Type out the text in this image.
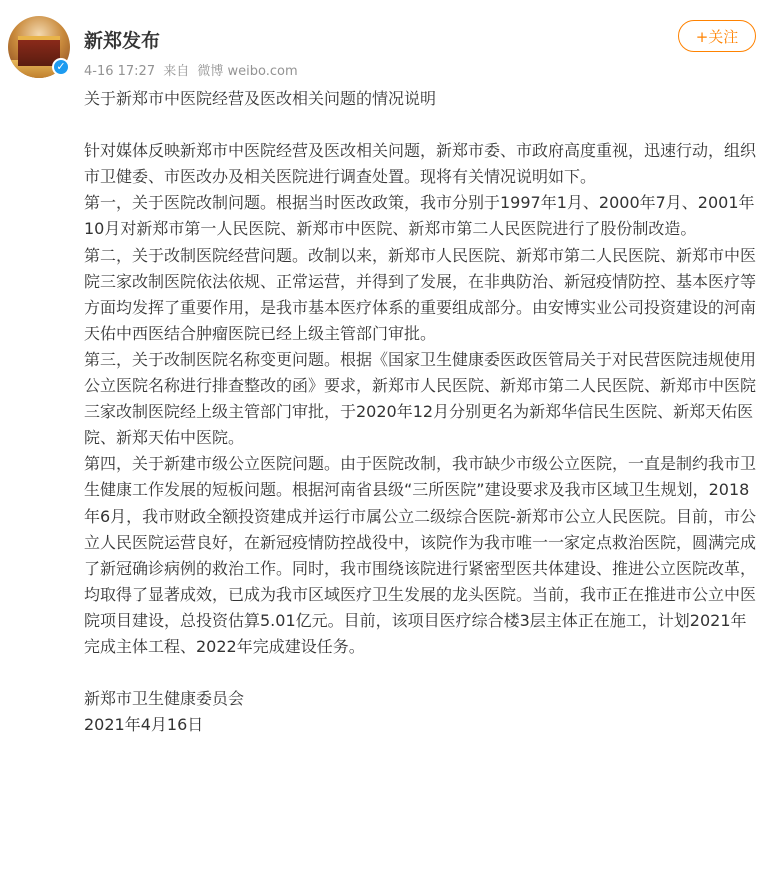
✓
新郑发布
4-16 17:27 来自 微博 weibo.com
+关注

关于新郑市中医院经营及医改相关问题的情况说明

针对媒体反映新郑市中医院经营及医改相关问题，新郑市委、市政府高度重视，迅速行动，组织市卫健委、市医改办及相关医院进行调查处置。现将有关情况说明如下。

第一，关于医院改制问题。根据当时医改政策，我市分别于1997年1月、2000年7月、2001年10月对新郑市第一人民医院、新郑市中医院、新郑市第二人民医院进行了股份制改造。

第二，关于改制医院经营问题。改制以来，新郑市人民医院、新郑市第二人民医院、新郑市中医院三家改制医院依法依规、正常运营，并得到了发展，在非典防治、新冠疫情防控、基本医疗等方面均发挥了重要作用，是我市基本医疗体系的重要组成部分。由安博实业公司投资建设的河南天佑中西医结合肿瘤医院已经上级主管部门审批。

第三，关于改制医院名称变更问题。根据《国家卫生健康委医政医管局关于对民营医院违规使用公立医院名称进行排查整改的函》要求，新郑市人民医院、新郑市第二人民医院、新郑市中医院三家改制医院经上级主管部门审批，于2020年12月分别更名为新郑华信民生医院、新郑天佑医院、新郑天佑中医院。

第四，关于新建市级公立医院问题。由于医院改制，我市缺少市级公立医院，一直是制约我市卫生健康工作发展的短板问题。根据河南省县级“三所医院”建设要求及我市区域卫生规划，2018年6月，我市财政全额投资建成并运行市属公立二级综合医院-新郑市公立人民医院。目前，市公立人民医院运营良好，在新冠疫情防控战役中，该院作为我市唯一一家定点救治医院，圆满完成了新冠确诊病例的救治工作。同时，我市围绕该院进行紧密型医共体建设、推进公立医院改革，均取得了显著成效，已成为我市区域医疗卫生发展的龙头医院。当前，我市正在推进市公立中医院项目建设，总投资估算5.01亿元。目前，该项目医疗综合楼3层主体正在施工，计划2021年完成主体工程、2022年完成建设任务。

新郑市卫生健康委员会

2021年4月16日
